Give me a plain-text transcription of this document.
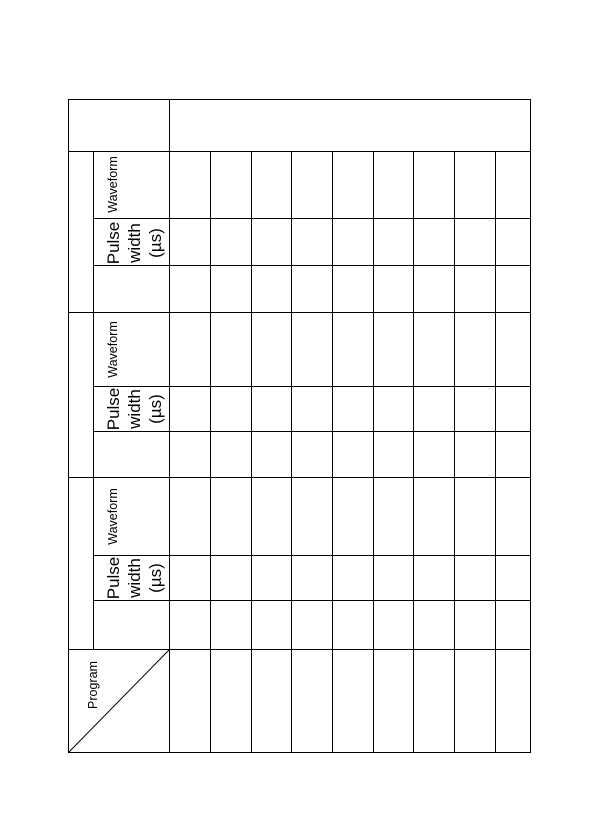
Waveform
Pulse width (µs)
Waveform
Pulse width (µs)
Waveform
Pulse width (µs)
Program
